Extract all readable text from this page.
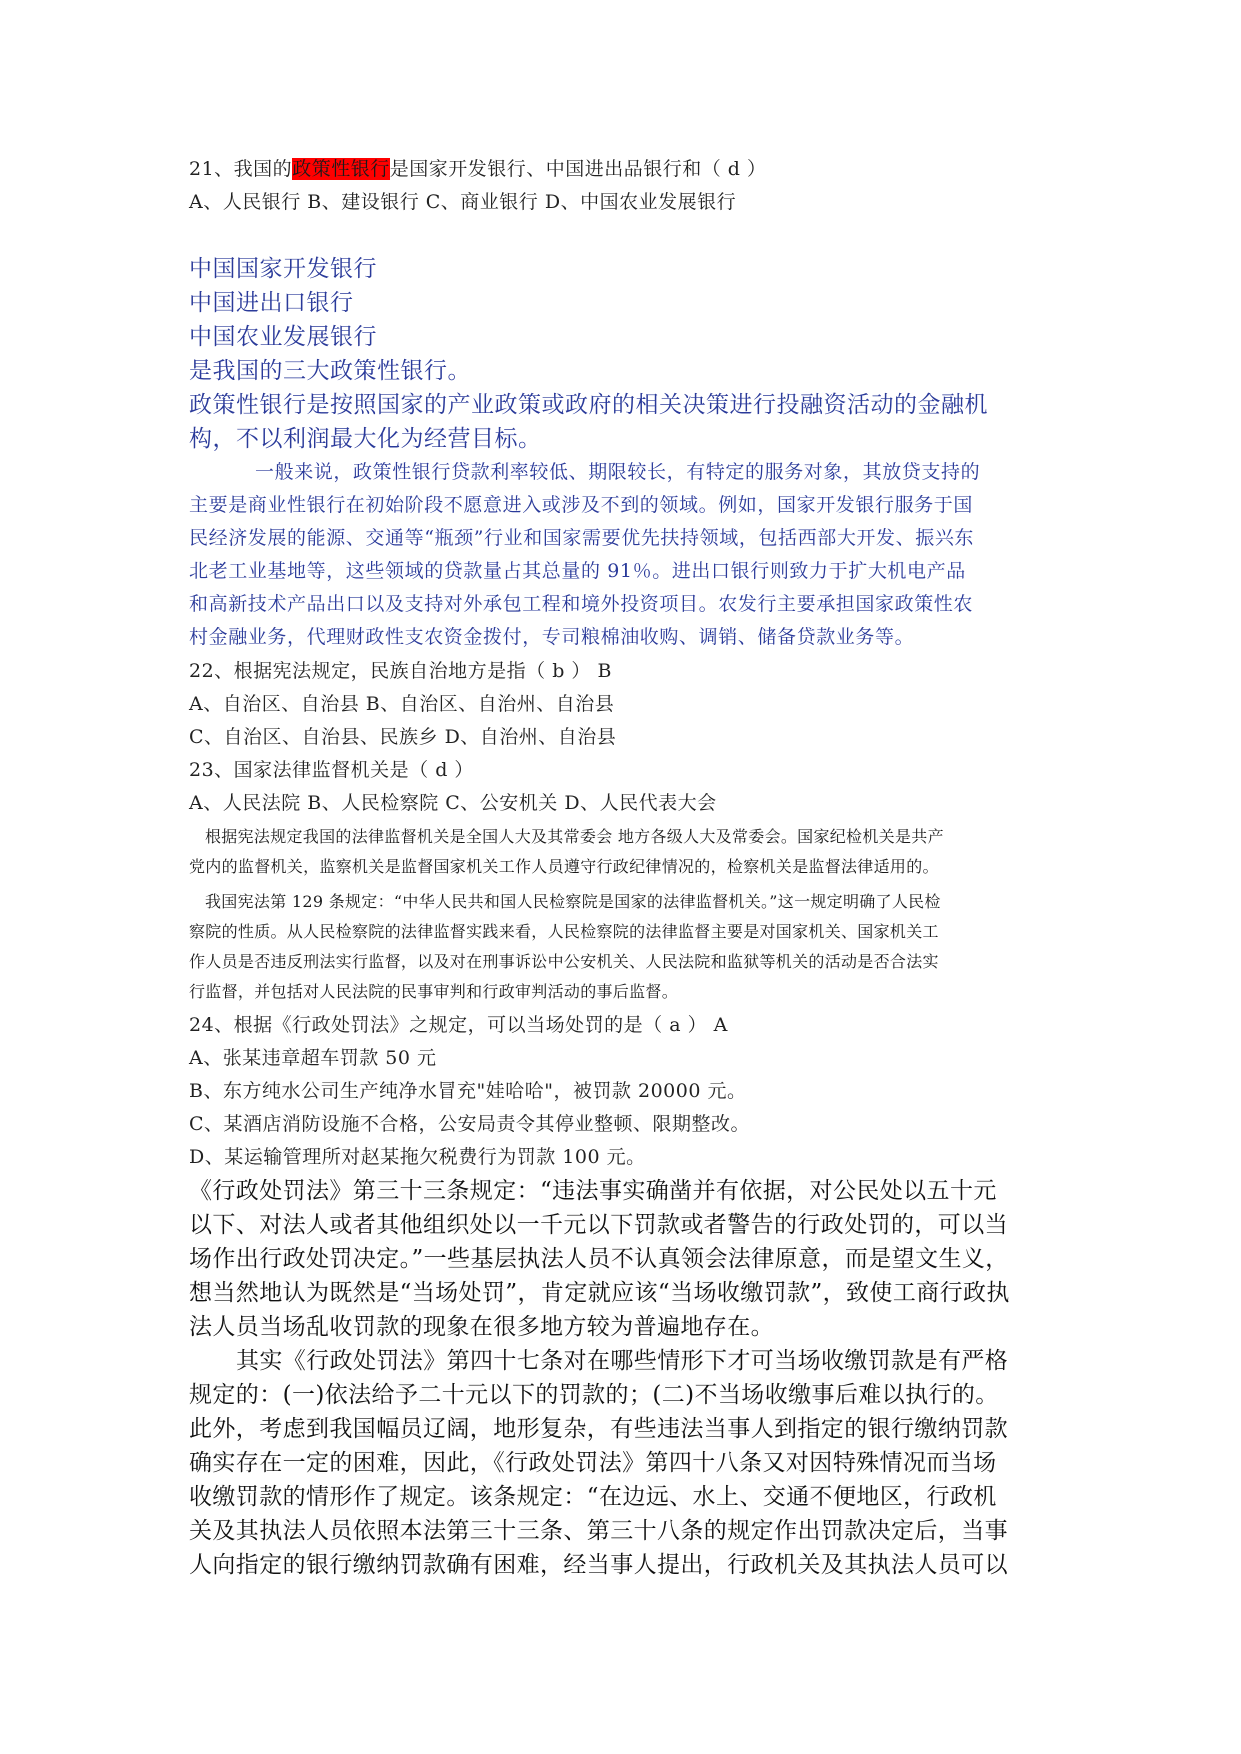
21、我国的政策性银行是国家开发银行、中国进出品银行和（ d ）

A、人民银行 B、建设银行 C、商业银行 D、中国农业发展银行

中国国家开发银行

中国进出口银行

中国农业发展银行

是我国的三大政策性银行。

政策性银行是按照国家的产业政策或政府的相关决策进行投融资活动的金融机

构，不以利润最大化为经营目标。

一般来说，政策性银行贷款利率较低、期限较长，有特定的服务对象，其放贷支持的

主要是商业性银行在初始阶段不愿意进入或涉及不到的领域。例如，国家开发银行服务于国

民经济发展的能源、交通等“瓶颈”行业和国家需要优先扶持领域，包括西部大开发、振兴东

北老工业基地等，这些领域的贷款量占其总量的 91％。进出口银行则致力于扩大机电产品

和高新技术产品出口以及支持对外承包工程和境外投资项目。农发行主要承担国家政策性农

村金融业务，代理财政性支农资金拨付，专司粮棉油收购、调销、储备贷款业务等。

22、根据宪法规定，民族自治地方是指（ b ） B

A、自治区、自治县 B、自治区、自治州、自治县

C、自治区、自治县、民族乡 D、自治州、自治县

23、国家法律监督机关是（ d ）

A、人民法院 B、人民检察院 C、公安机关 D、人民代表大会

根据宪法规定我国的法律监督机关是全国人大及其常委会 地方各级人大及常委会。国家纪检机关是共产

党内的监督机关，监察机关是监督国家机关工作人员遵守行政纪律情况的，检察机关是监督法律适用的。

我国宪法第 129 条规定：“中华人民共和国人民检察院是国家的法律监督机关。”这一规定明确了人民检

察院的性质。从人民检察院的法律监督实践来看，人民检察院的法律监督主要是对国家机关、国家机关工

作人员是否违反刑法实行监督，以及对在刑事诉讼中公安机关、人民法院和监狱等机关的活动是否合法实

行监督，并包括对人民法院的民事审判和行政审判活动的事后监督。

24、根据《行政处罚法》之规定，可以当场处罚的是（ a ） A

A、张某违章超车罚款 50 元

B、东方纯水公司生产纯净水冒充"娃哈哈"，被罚款 20000 元。

C、某酒店消防设施不合格，公安局责令其停业整顿、限期整改。

D、某运输管理所对赵某拖欠税费行为罚款 100 元。

《行政处罚法》第三十三条规定：“违法事实确凿并有依据，对公民处以五十元

以下、对法人或者其他组织处以一千元以下罚款或者警告的行政处罚的，可以当

场作出行政处罚决定。”一些基层执法人员不认真领会法律原意，而是望文生义，

想当然地认为既然是“当场处罚”，肯定就应该“当场收缴罚款”，致使工商行政执

法人员当场乱收罚款的现象在很多地方较为普遍地存在。

其实《行政处罚法》第四十七条对在哪些情形下才可当场收缴罚款是有严格

规定的：(一)依法给予二十元以下的罚款的；(二)不当场收缴事后难以执行的。

此外，考虑到我国幅员辽阔，地形复杂，有些违法当事人到指定的银行缴纳罚款

确实存在一定的困难，因此，《行政处罚法》第四十八条又对因特殊情况而当场

收缴罚款的情形作了规定。该条规定：“在边远、水上、交通不便地区，行政机

关及其执法人员依照本法第三十三条、第三十八条的规定作出罚款决定后，当事

人向指定的银行缴纳罚款确有困难，经当事人提出，行政机关及其执法人员可以
